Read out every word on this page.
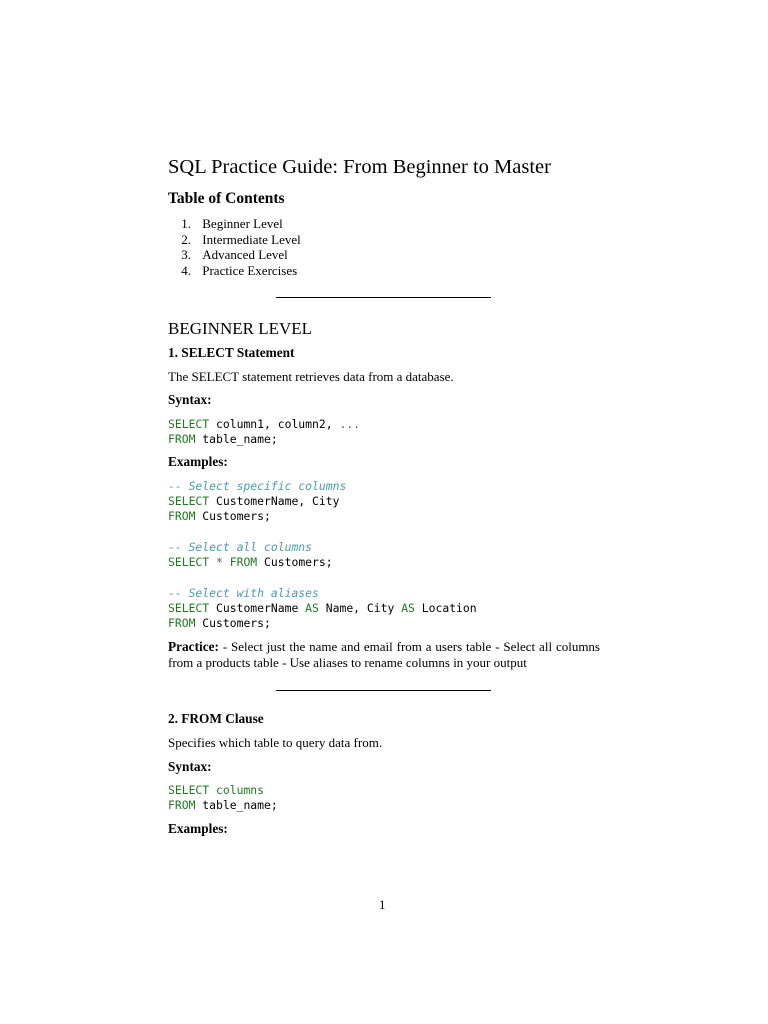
SQL Practice Guide: From Beginner to Master
Table of Contents
1. Beginner Level
2. Intermediate Level
3. Advanced Level
4. Practice Exercises
BEGINNER LEVEL
1. SELECT Statement
The SELECT statement retrieves data from a database.
Syntax:
SELECT column1, column2, ...
FROM table_name;
Examples:
-- Select specific columns
SELECT CustomerName, City
FROM Customers;
-- Select all columns
SELECT * FROM Customers;
-- Select with aliases
SELECT CustomerName AS Name, City AS Location
FROM Customers;
Practice: - Select just the name and email from a users table - Select all columns from a products table - Use aliases to rename columns in your output
2. FROM Clause
Specifies which table to query data from.
Syntax:
SELECT columns
FROM table_name;
Examples:
1
